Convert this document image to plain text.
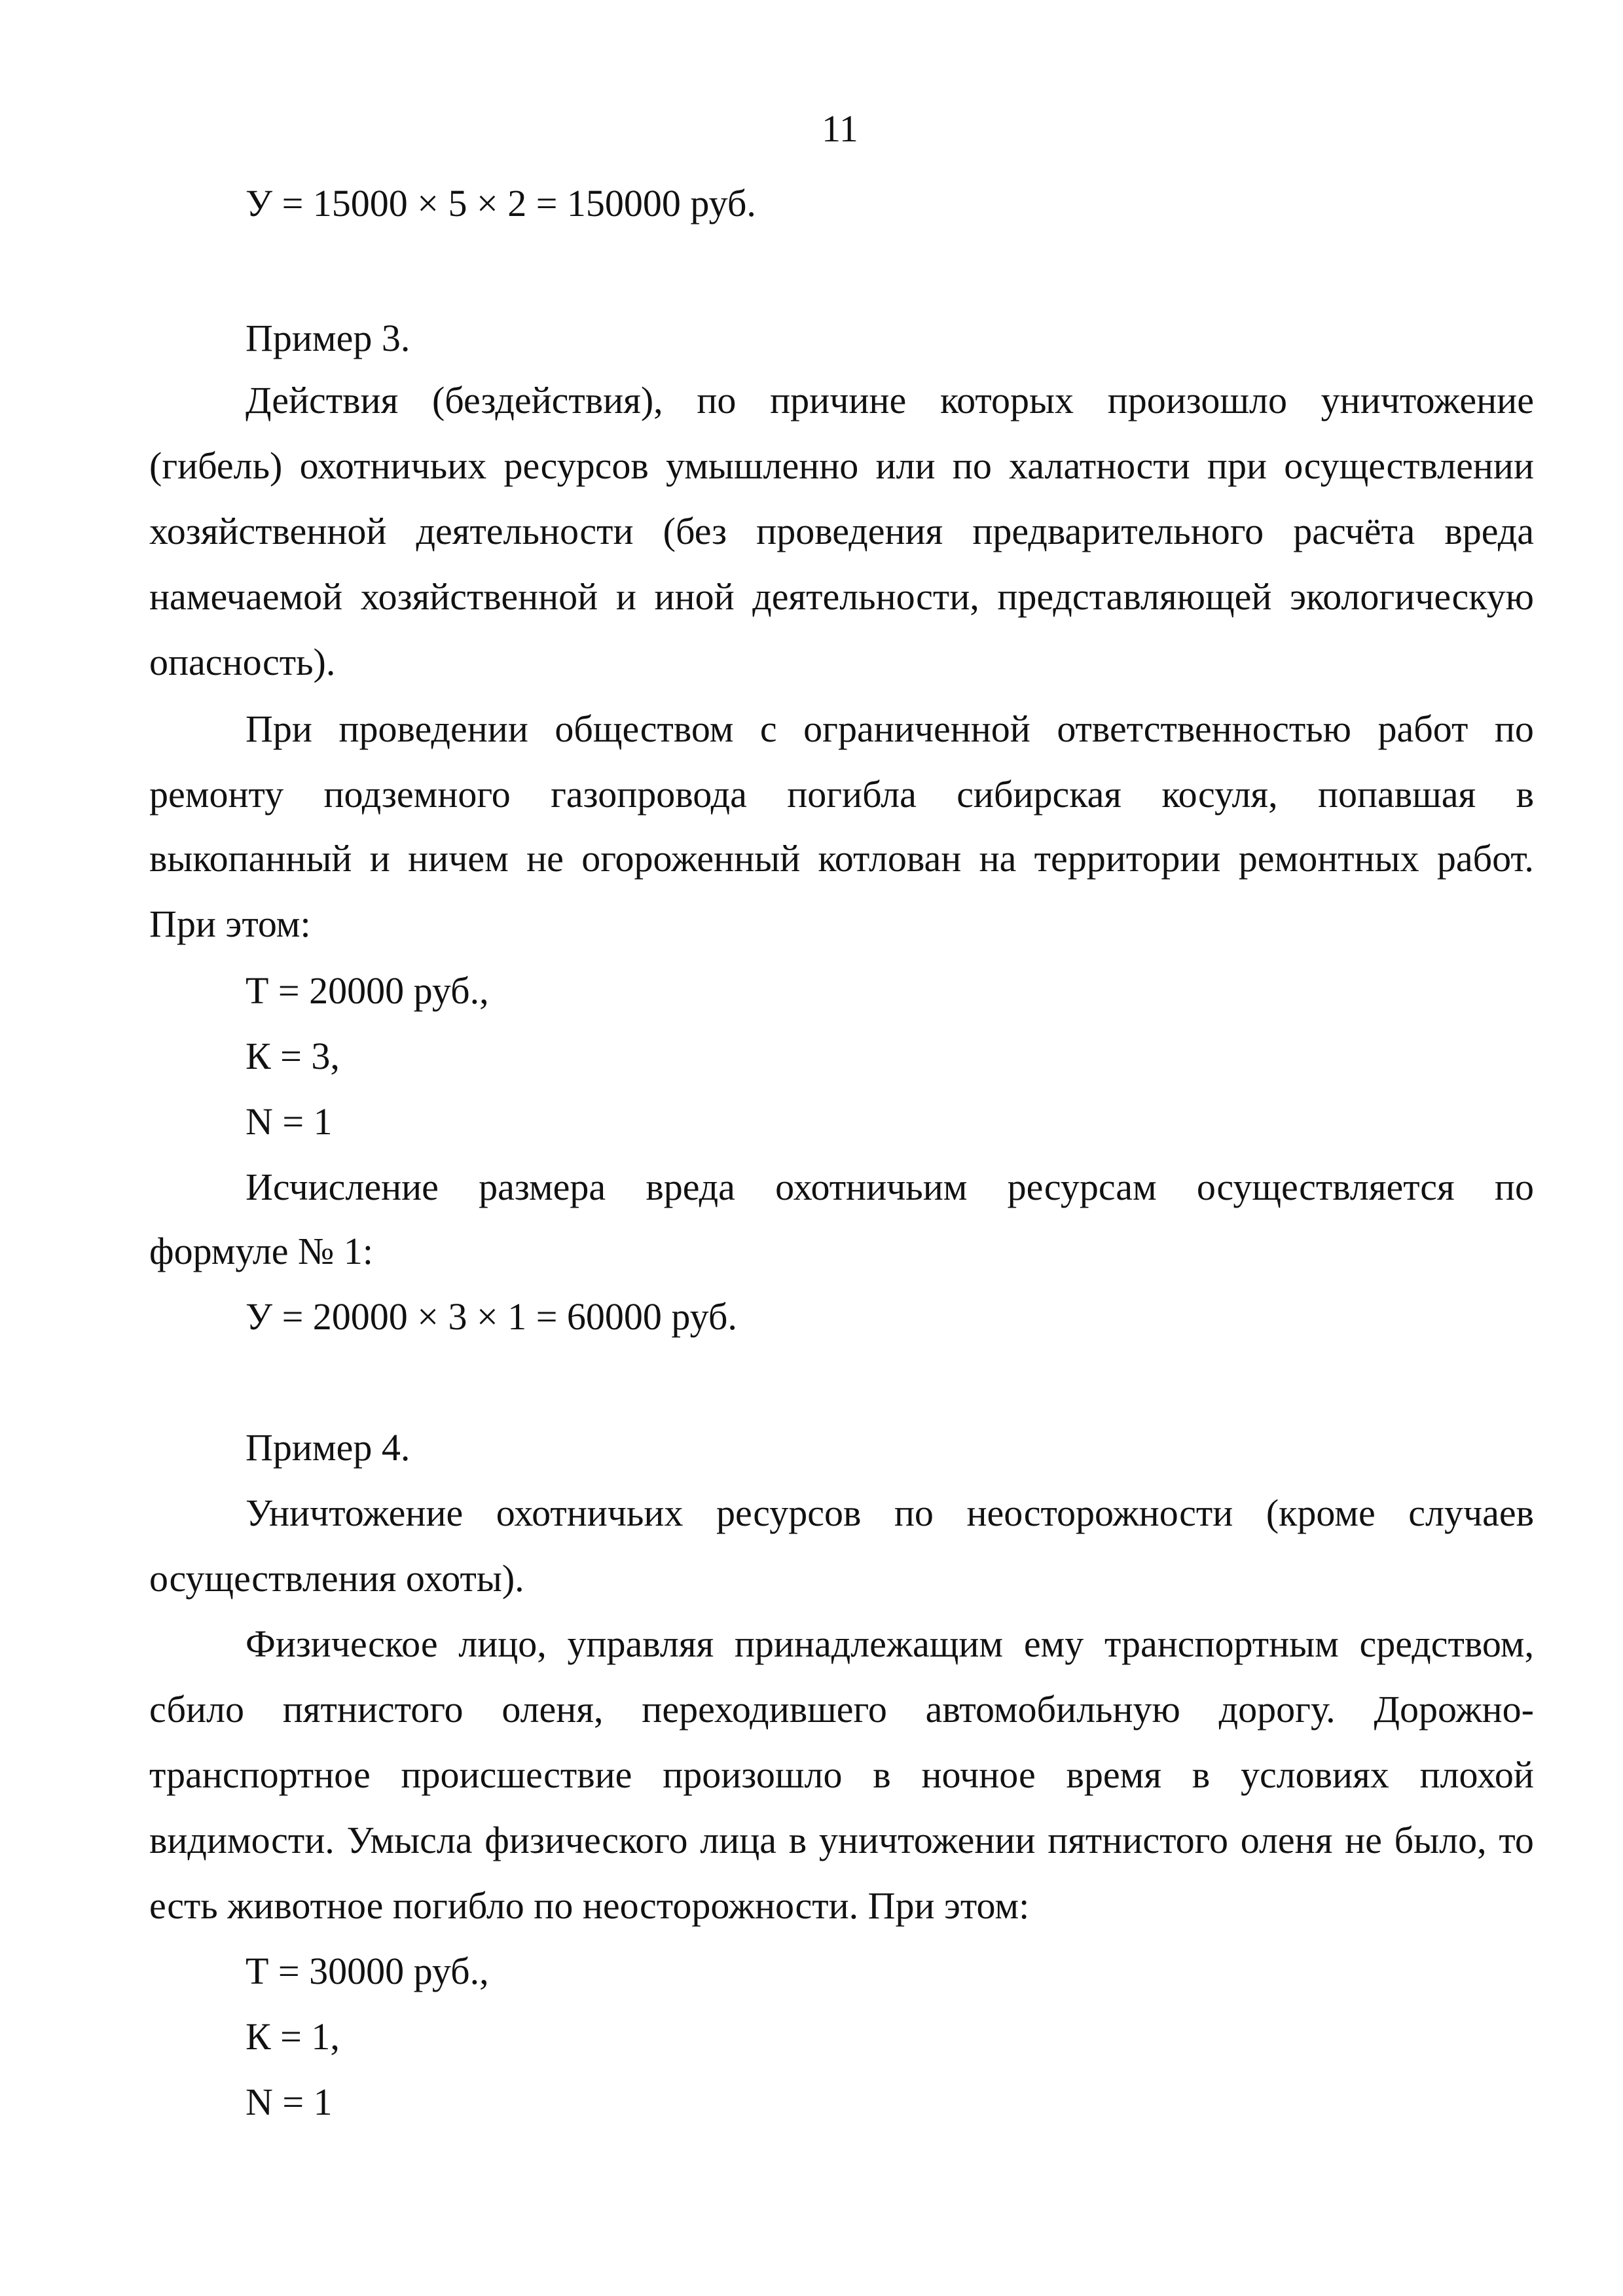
11

У = 15000 × 5 × 2 = 150000 руб.

Пример 3.

Действия (бездействия), по причине которых произошло уничтожение

(гибель) охотничьих ресурсов умышленно или по халатности при осуществлении

хозяйственной деятельности (без проведения предварительного расчёта вреда

намечаемой хозяйственной и иной деятельности, представляющей экологическую

опасность).

При проведении обществом с ограниченной ответственностью работ по

ремонту подземного газопровода погибла сибирская косуля, попавшая в

выкопанный и ничем не огороженный котлован на территории ремонтных работ.

При этом:

Т = 20000 руб.,

К = 3,

N = 1

Исчисление размера вреда охотничьим ресурсам осуществляется по

формуле № 1:

У = 20000 × 3 × 1 = 60000 руб.

Пример 4.

Уничтожение охотничьих ресурсов по неосторожности (кроме случаев

осуществления охоты).

Физическое лицо, управляя принадлежащим ему транспортным средством,

сбило пятнистого оленя, переходившего автомобильную дорогу. Дорожно-

транспортное происшествие произошло в ночное время в условиях плохой

видимости. Умысла физического лица в уничтожении пятнистого оленя не было, то

есть животное погибло по неосторожности. При этом:

Т = 30000 руб.,

К = 1,

N = 1
